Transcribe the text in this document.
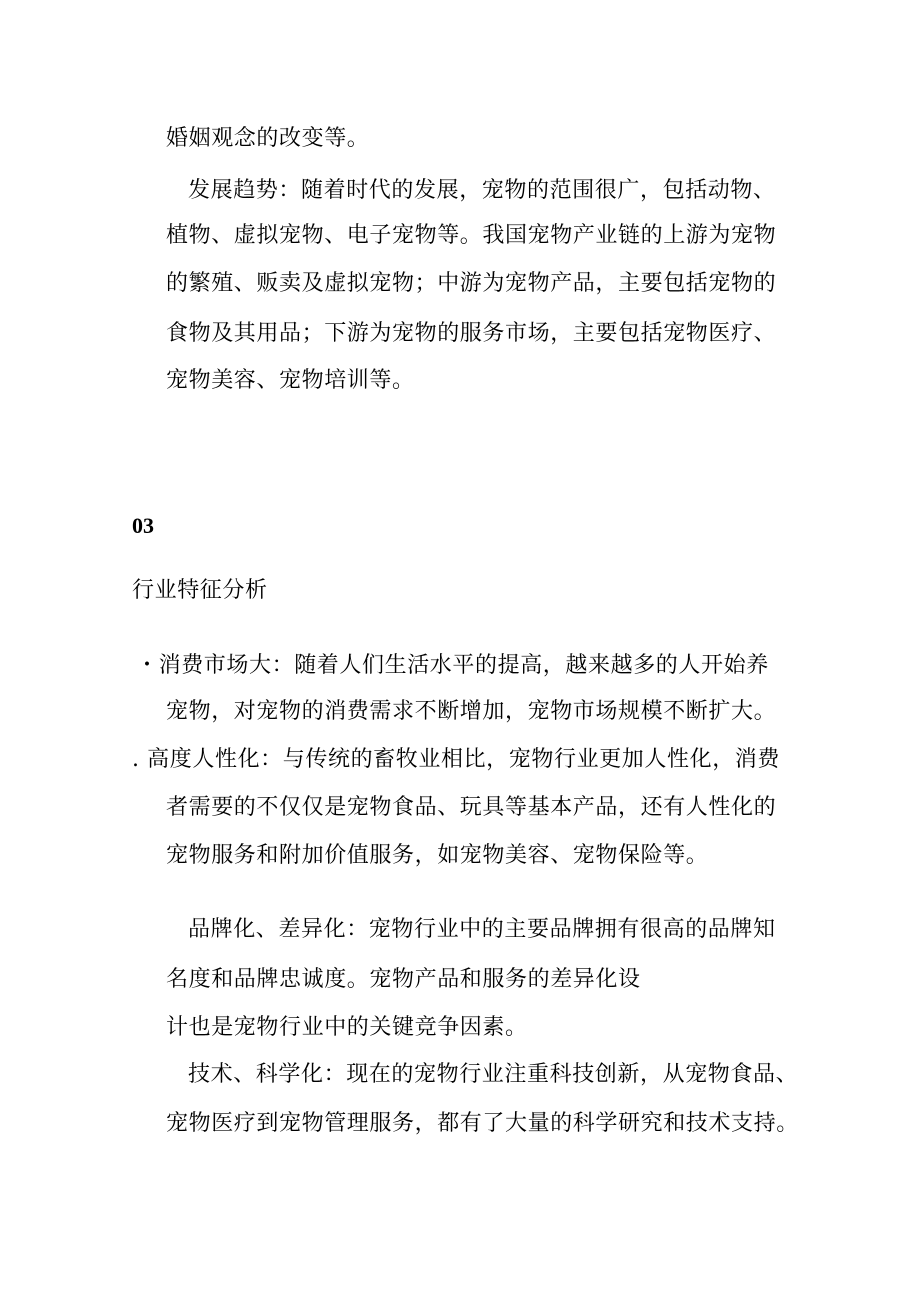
婚姻观念的改变等。
发展趋势：随着时代的发展，宠物的范围很广，包括动物、
植物、虚拟宠物、电子宠物等。我国宠物产业链的上游为宠物
的繁殖、贩卖及虚拟宠物；中游为宠物产品，主要包括宠物的
食物及其用品；下游为宠物的服务市场，主要包括宠物医疗、
宠物美容、宠物培训等。
03
行业特征分析
・消费市场大：随着人们生活水平的提高，越来越多的人开始养
宠物，对宠物的消费需求不断增加，宠物市场规模不断扩大。
. 高度人性化：与传统的畜牧业相比，宠物行业更加人性化，消费
者需要的不仅仅是宠物食品、玩具等基本产品，还有人性化的
宠物服务和附加价值服务，如宠物美容、宠物保险等。
品牌化、差异化：宠物行业中的主要品牌拥有很高的品牌知
名度和品牌忠诚度。宠物产品和服务的差异化设
计也是宠物行业中的关键竞争因素。
技术、科学化：现在的宠物行业注重科技创新，从宠物食品、
宠物医疗到宠物管理服务，都有了大量的科学研究和技术支持。
